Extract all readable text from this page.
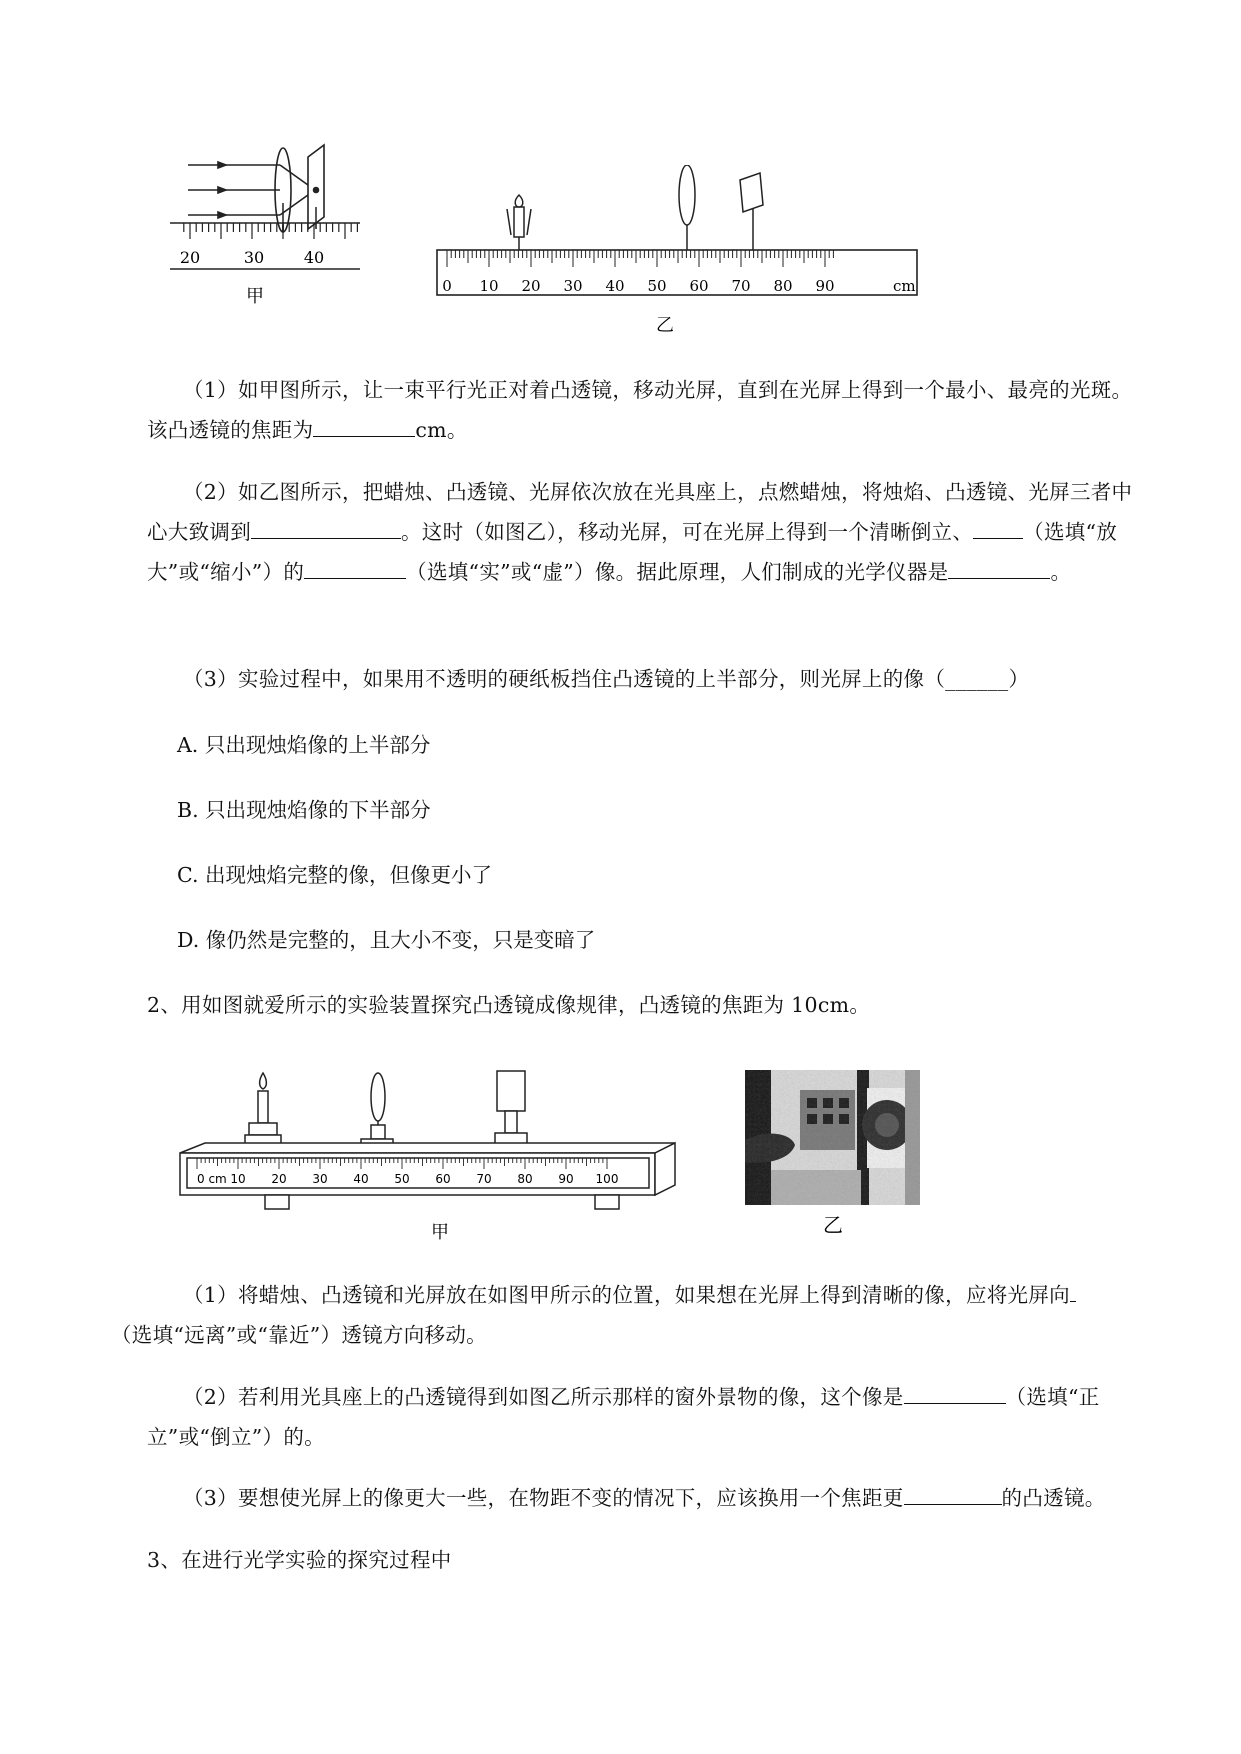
20	30 40
甲	0 10 20 30 40 50 60 70 80 90	cm
乙

（1）如甲图所示，让一束平行光正对着凸透镜，移动光屏，直到在光屏上得到一个最小、最亮的光斑。该凸透镜的焦距为	cm。

（2）如乙图所示，把蜡烛、凸透镜、光屏依次放在光具座上，点燃蜡烛，将烛焰、凸透镜、光屏三者中心大致调到	。这时（如图乙），移动光屏，可在光屏上得到一个清晰倒立、 （选填“放大”或“缩小”）的	（选填“实”或“虚”）像。据此原理，人们制成的光学仪器是	。

（3）实验过程中，如果用不透明的硬纸板挡住凸透镜的上半部分，则光屏上的像（______）

A. 只出现烛焰像的上半部分
B. 只出现烛焰像的下半部分
C. 出现烛焰完整的像，但像更小了
D. 像仍然是完整的，且大小不变，只是变暗了

2、用如图就爱所示的实验装置探究凸透镜成像规律，凸透镜的焦距为 10cm。

0 cm 10 20 30 40 50 60 70 80 90 100
甲	乙

（1）将蜡烛、凸透镜和光屏放在如图甲所示的位置，如果想在光屏上得到清晰的像，应将光屏向
（选填“远离”或“靠近”）透镜方向移动。

（2）若利用光具座上的凸透镜得到如图乙所示那样的窗外景物的像，这个像是	（选填“正立”或“倒立”）的。

（3）要想使光屏上的像更大一些，在物距不变的情况下，应该换用一个焦距更	的凸透镜。

3、在进行光学实验的探究过程中
